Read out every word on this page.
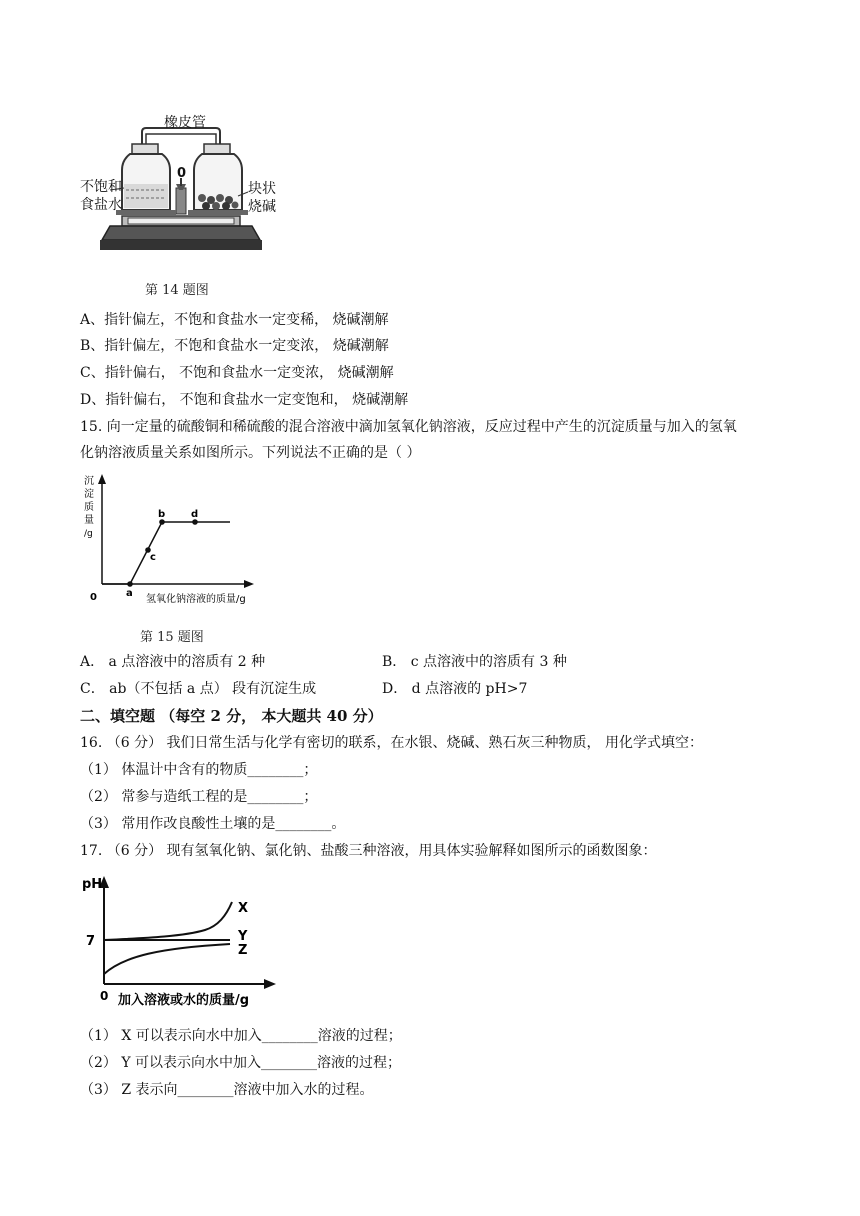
橡皮管
0
不饱和
食盐水
块状
烧碱
第 14 题图
A、指针偏左，不饱和食盐水一定变稀， 烧碱潮解
B、指针偏左，不饱和食盐水一定变浓， 烧碱潮解
C、指针偏右， 不饱和食盐水一定变浓， 烧碱潮解
D、指针偏右， 不饱和食盐水一定变饱和， 烧碱潮解
15. 向一定量的硫酸铜和稀硫酸的混合溶液中滴加氢氧化钠溶液，反应过程中产生的沉淀质量与加入的氢氧
化钠溶液质量关系如图所示。下列说法不正确的是（ ）
a
c
b	d
0	氢氧化钠溶液的质量/g
沉
淀
质
量
/g
第 15 题图
A． a 点溶液中的溶质有 2 种	B． c 点溶液中的溶质有 3 种
C． ab（不包括 a 点） 段有沉淀生成	D． d 点溶液的 pH>7
二、填空题 （每空 2 分， 本大题共 40 分）
16. （6 分） 我们日常生活与化学有密切的联系，在水银、烧碱、熟石灰三种物质， 用化学式填空：
（1） 体温计中含有的物质________；
（2） 常参与造纸工程的是________；
（3） 常用作改良酸性土壤的是________。
17. （6 分） 现有氢氧化钠、氯化钠、盐酸三种溶液，用具体实验解释如图所示的函数图象：
pH
7
0
X
Y
Z
加入溶液或水的质量/g
（1） X 可以表示向水中加入________溶液的过程；
（2） Y 可以表示向水中加入________溶液的过程；
（3） Z 表示向________溶液中加入水的过程。
